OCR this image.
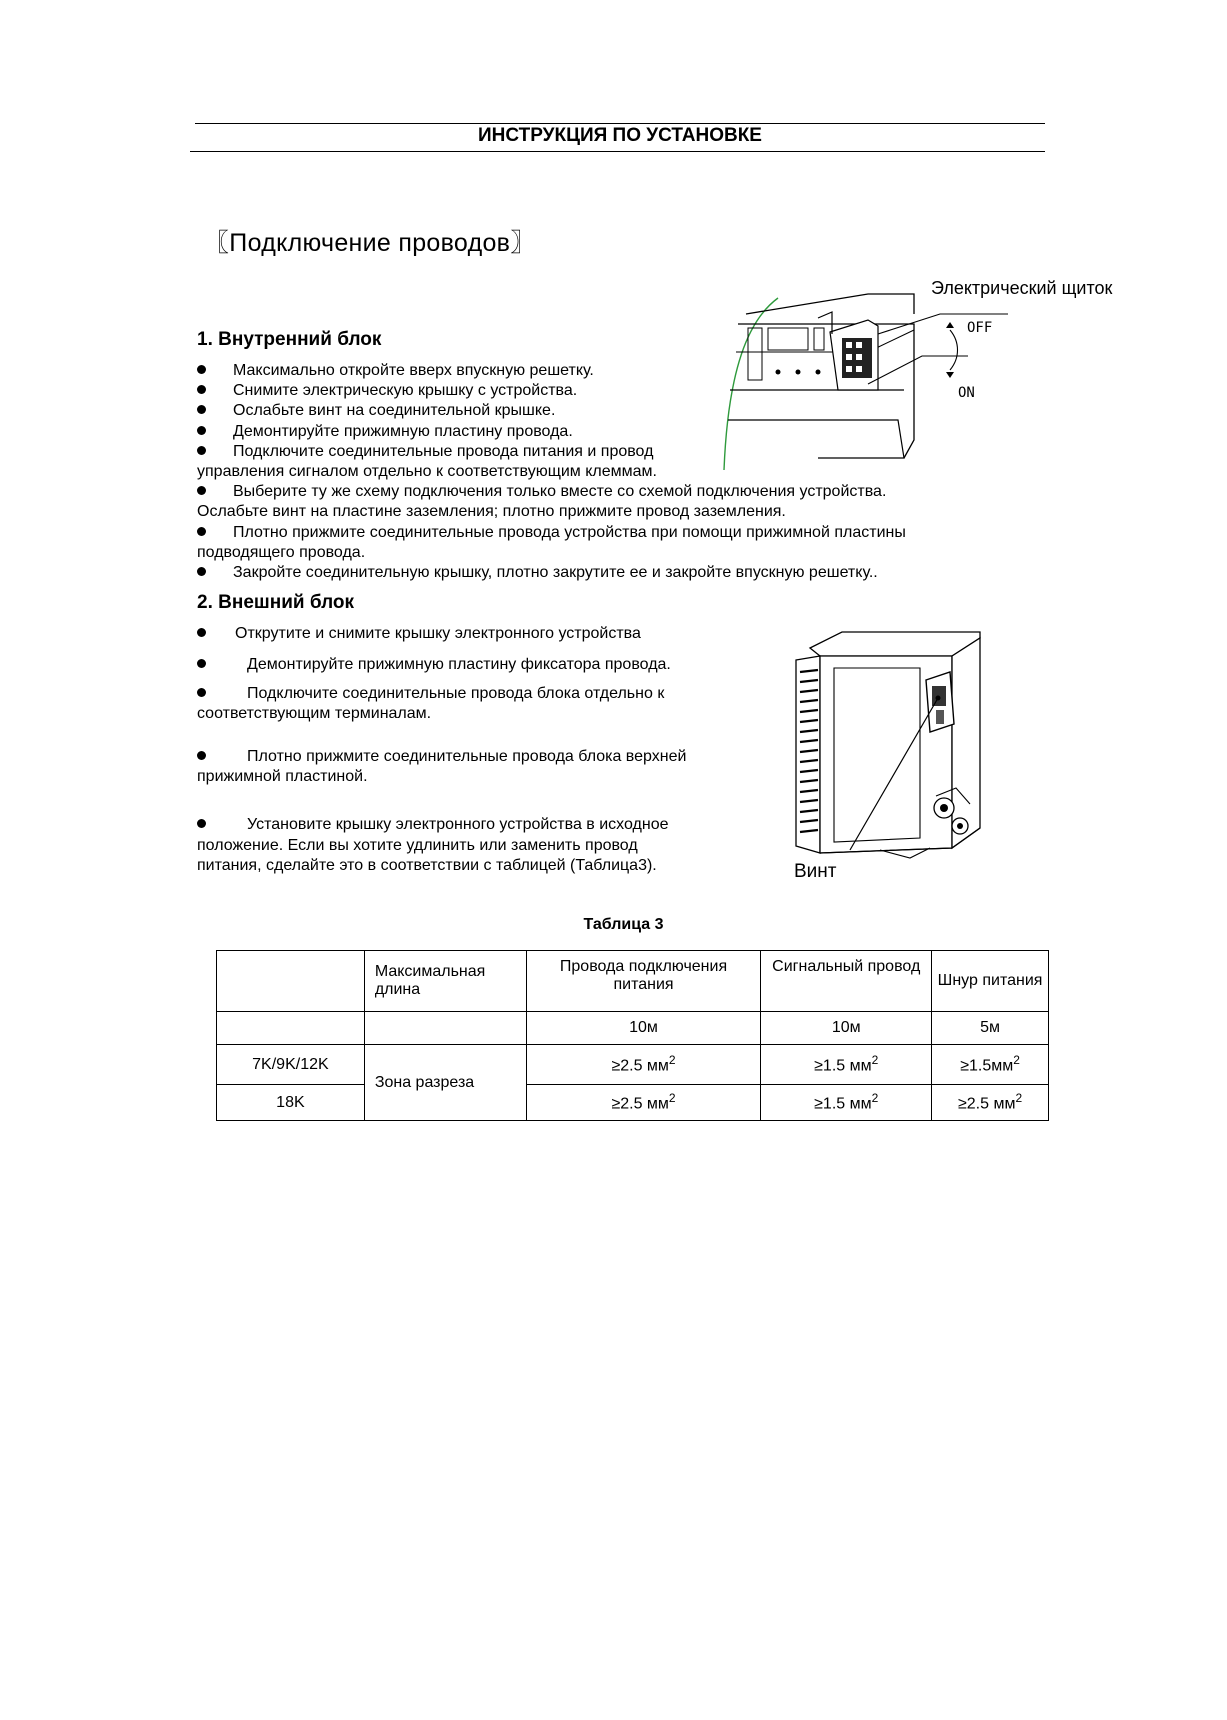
ИНСТРУКЦИЯ ПО УСТАНОВКЕ
〖Подключение проводов〗
Электрический щиток
OFF
ON
1. Внутренний блок
Максимально откройте вверх впускную решетку.
Снимите электрическую крышку с устройства.
Ослабьте винт на соединительной крышке.
Демонтируйте прижимную пластину провода.
Подключите соединительные провода питания и провод
управления сигналом отдельно к соответствующим клеммам.
Выберите ту же схему подключения только вместе со схемой подключения устройства.
Ослабьте винт на пластине заземления; плотно прижмите провод заземления.
Плотно прижмите соединительные провода устройства при помощи прижимной пластины
подводящего провода.
Закройте соединительную крышку, плотно закрутите ее и закройте впускную решетку..
2. Внешний блок
Открутите и снимите крышку электронного устройства
Демонтируйте прижимную пластину фиксатора провода.
Подключите соединительные провода блока отдельно к
соответствующим терминалам.
Плотно прижмите соединительные провода блока верхней
прижимной пластиной.
Установите крышку электронного устройства в исходное
положение. Если вы хотите удлинить или заменить провод
питания, сделайте это в соответствии с таблицей (Таблица3).	Винт
Таблица 3
	Максимальная длина	Провода подключения питания	Сигнальный провод	Шнур питания
		10м	10м	5м
7K/9K/12K	Зона разреза	≥2.5 $мм^2$	≥1.5 $мм^2$	$\ge 1.5мм^2$
18K		≥2.5 $мм^2$	≥1.5 $мм^2$	≥2.5 $мм^2$
